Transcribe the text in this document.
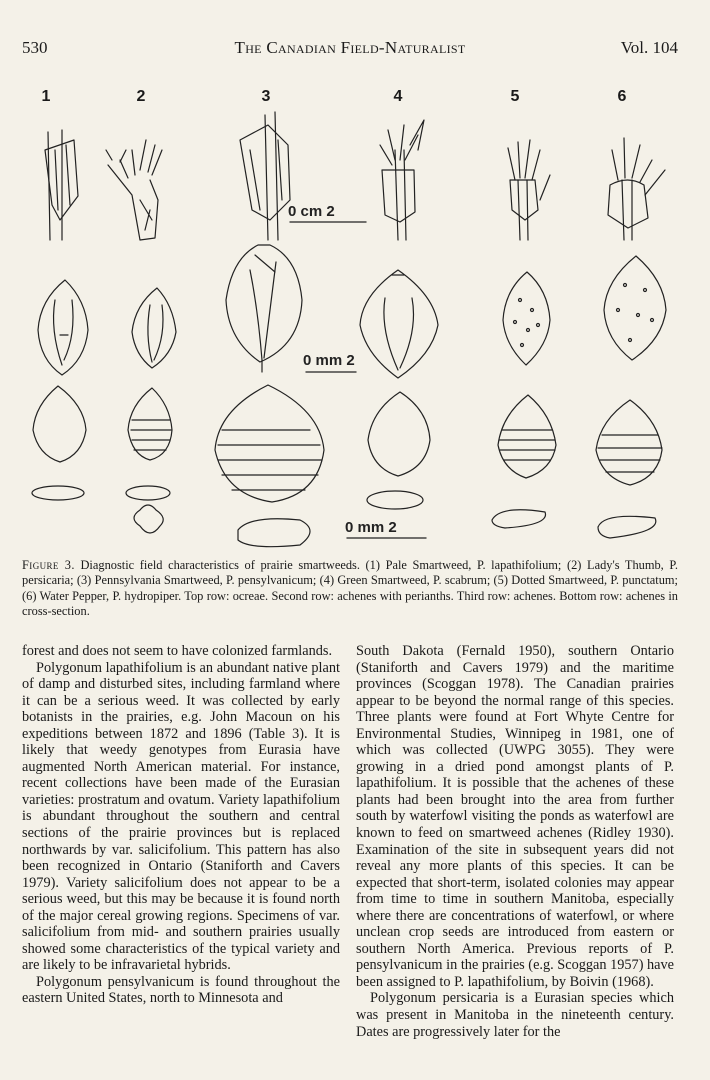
530	The Canadian Field-Naturalist	Vol. 104
1	2	3	4	5	6
0 cm 2
0 mm 2
0 mm 2
Figure 3. Diagnostic field characteristics of prairie smartweeds. (1) Pale Smartweed, P. lapathifolium; (2) Lady's Thumb, P. persicaria; (3) Pennsylvania Smartweed, P. pensylvanicum; (4) Green Smartweed, P. scabrum; (5) Dotted Smartweed, P. punctatum; (6) Water Pepper, P. hydropiper. Top row: ocreae. Second row: achenes with perianths. Third row: achenes. Bottom row: achenes in cross-section.

forest and does not seem to have colonized farmlands.

Polygonum lapathifolium is an abundant native plant of damp and disturbed sites, including farmland where it can be a serious weed. It was collected by early botanists in the prairies, e.g. John Macoun on his expeditions between 1872 and 1896 (Table 3). It is likely that weedy genotypes from Eurasia have augmented North American material. For instance, recent collections have been made of the Eurasian varieties: prostratum and ovatum. Variety lapathifolium is abundant throughout the southern and central sections of the prairie provinces but is replaced northwards by var. salicifolium. This pattern has also been recognized in Ontario (Staniforth and Cavers 1979). Variety salicifolium does not appear to be a serious weed, but this may be because it is found north of the major cereal growing regions. Specimens of var. salicifolium from mid- and southern prairies usually showed some characteristics of the typical variety and are likely to be infravarietal hybrids.

Polygonum pensylvanicum is found throughout the eastern United States, north to Minnesota and

South Dakota (Fernald 1950), southern Ontario (Staniforth and Cavers 1979) and the maritime provinces (Scoggan 1978). The Canadian prairies appear to be beyond the normal range of this species. Three plants were found at Fort Whyte Centre for Environmental Studies, Winnipeg in 1981, one of which was collected (UWPG 3055). They were growing in a dried pond amongst plants of P. lapathifolium. It is possible that the achenes of these plants had been brought into the area from further south by waterfowl visiting the ponds as waterfowl are known to feed on smartweed achenes (Ridley 1930). Examination of the site in subsequent years did not reveal any more plants of this species. It can be expected that short-term, isolated colonies may appear from time to time in southern Manitoba, especially where there are concentrations of waterfowl, or where unclean crop seeds are introduced from eastern or southern North America. Previous reports of P. pensylvanicum in the prairies (e.g. Scoggan 1957) have been assigned to P. lapathifolium, by Boivin (1968).

Polygonum persicaria is a Eurasian species which was present in Manitoba in the nineteenth century. Dates are progressively later for the
